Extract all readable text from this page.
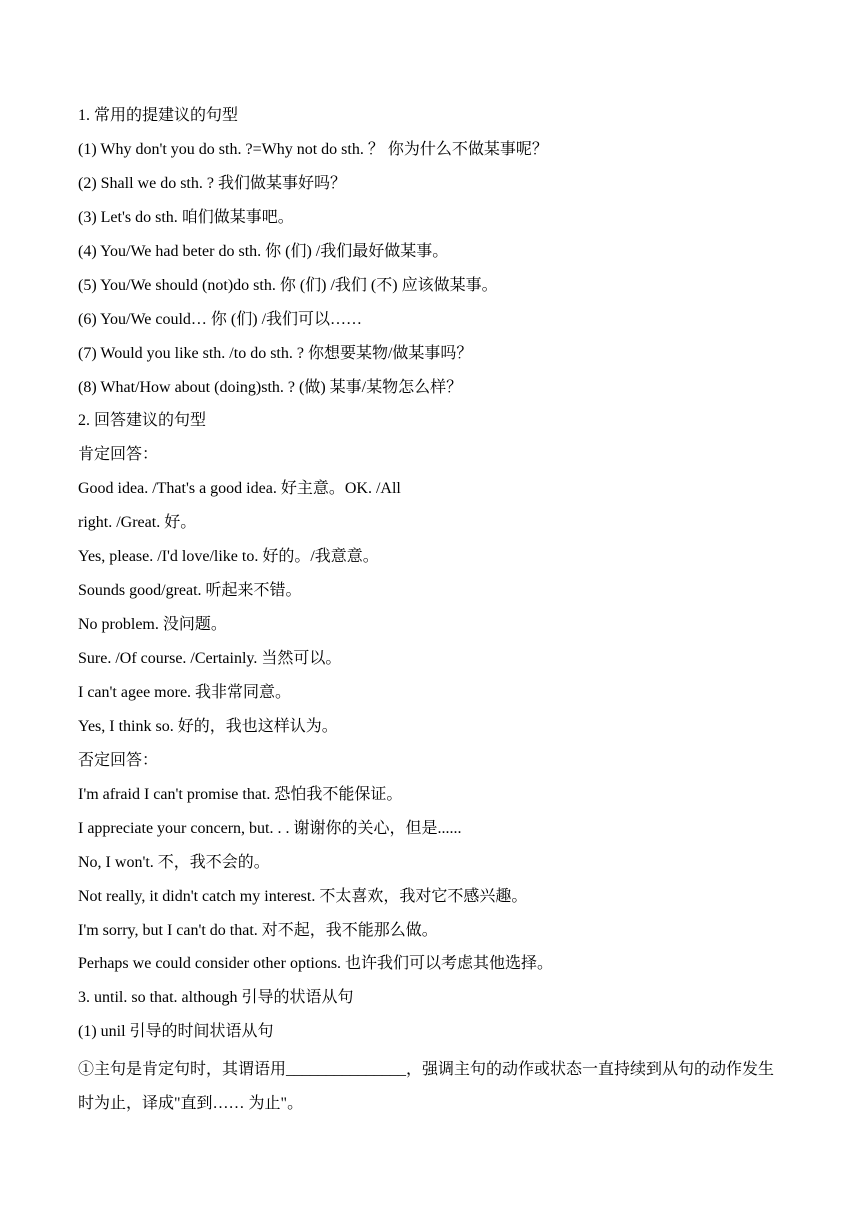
1. 常用的提建议的句型
(1) Why don't you do sth. ?=Why not do sth. ？ 你为什么不做某事呢？
(2) Shall we do sth. ? 我们做某事好吗？
(3) Let's do sth. 咱们做某事吧。
(4) You/We had beter do sth. 你 (们) /我们最好做某事。
(5) You/We should (not)do sth. 你 (们) /我们 (不) 应该做某事。
(6) You/We could… 你 (们) /我们可以……
(7) Would you like sth. /to do sth. ? 你想要某物/做某事吗？
(8) What/How about (doing)sth. ? (做) 某事/某物怎么样？
2. 回答建议的句型
肯定回答：
Good idea. /That's a good idea. 好主意。OK. /All
right. /Great. 好。
Yes, please. /I'd love/like to. 好的。/我意意。
Sounds good/great. 听起来不错。
No problem. 没问题。
Sure. /Of course. /Certainly. 当然可以。
I can't agee more. 我非常同意。
Yes, I think so. 好的，我也这样认为。
否定回答：
I'm afraid I can't promise that. 恐怕我不能保证。
I appreciate your concern, but. . . 谢谢你的关心，但是......
No, I won't. 不，我不会的。
Not really, it didn't catch my interest. 不太喜欢，我对它不感兴趣。
I'm sorry, but I can't do that. 对不起，我不能那么做。
Perhaps we could consider other options. 也许我们可以考虑其他选择。
3. until. so that. although 引导的状语从句
(1) unil 引导的时间状语从句
①主句是肯定句时，其谓语用_______________，强调主句的动作或状态一直持续到从句的动作发生时为止，译成"直到…… 为止"。
